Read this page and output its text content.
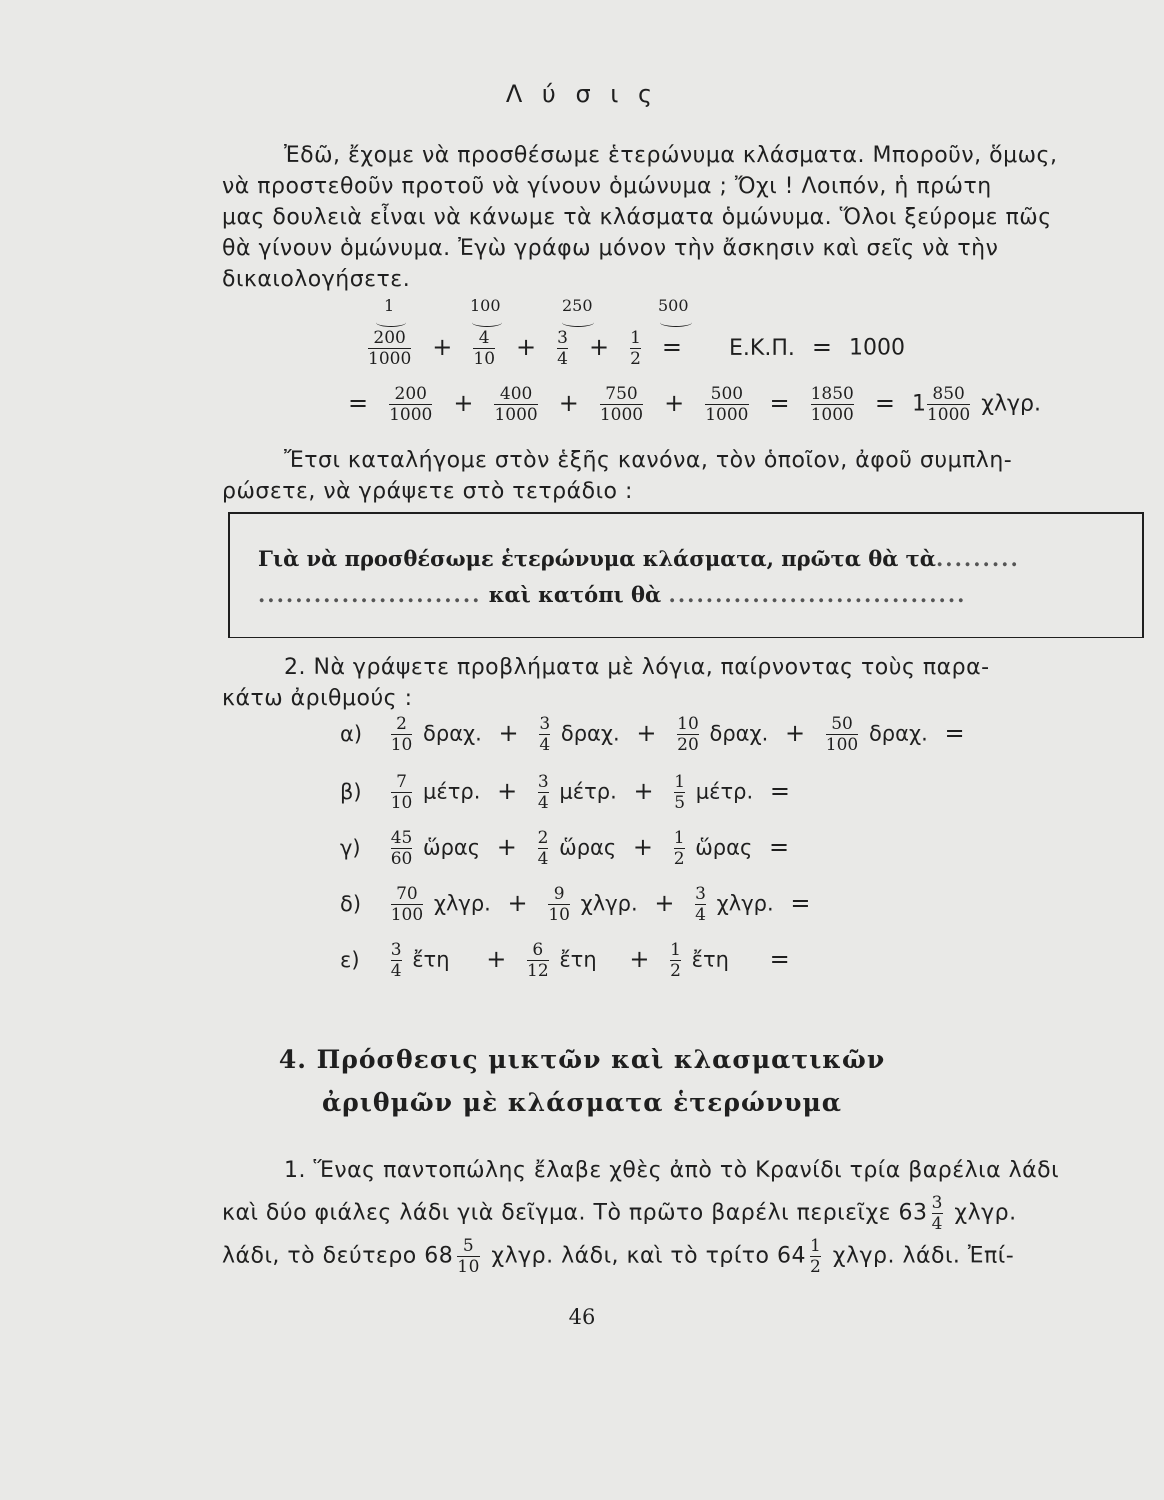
Λ ύ σ ι ς
Ἐδῶ, ἔχομε νὰ προσθέσωμε ἑτερώνυμα κλάσματα. Μποροῦν, ὅμως,
νὰ προστεθοῦν προτοῦ νὰ γίνουν ὁμώνυμα ; Ὄχι ! Λοιπόν, ἡ πρώτη
μας δουλειὰ εἶναι νὰ κάνωμε τὰ κλάσματα ὁμώνυμα. Ὅλοι ξεύρομε πῶς
θὰ γίνουν ὁμώνυμα. Ἐγὼ γράφω μόνον τὴν ἄσκησιν καὶ σεῖς νὰ τὴν
δικαιολογήσετε.
1	100	250	500
$\frac{200}{1000} + \frac{4}{10} + \frac{3}{4} + \frac{1}{2} = E.K.\Pi$. = 1000
= $\frac{200}{1000} + \frac{400}{1000} + \frac{750}{1000} + \frac{500}{1000} = \frac{1850}{1000} = 1 \frac{850}{1000} \chi\lambda\gamma\rho$.
Ἔτσι καταλήγομε στὸν ἑξῆς κανόνα, τὸν ὁποῖον, ἀφοῦ συμπλη-
ρώσετε, νὰ γράψετε στὸ τετράδιο :
Γιὰ νὰ προσθέσωμε ἑτερώνυμα κλάσματα, πρῶτα θὰ τὰ.........
........................ καὶ κατόπι θὰ ................................
2. Νὰ γράψετε προβλήματα μὲ λόγια, παίρνοντας τοὺς παρα-
κάτω ἀριθμούς :
$\alpha) \frac{2}{10} \delta\rho\alpha\chi$. + $\frac{3}{4} \delta\rho\alpha\chi$. + $\frac{10}{20} \delta\rho\alpha\chi$. + $\frac{50}{100} \delta\rho\alpha\chi$. =
$\beta) \frac{7}{10} \mu έ\tau\rho$. + $\frac{3}{4} \mu έ\tau\rho$. + $\frac{1}{5} \mu έ\tau\rho$. =
$\gamma) \frac{45}{60}$ ὥρας + $\frac{2}{4}$ ὥρας + $\frac{1}{2}$ ὥρας =
$\delta) \frac{70}{100} \chi\lambda\gamma\rho$. + $\frac{9}{10} \chi\lambda\gamma\rho$. + $\frac{3}{4} \chi\lambda\gamma\rho$. =
$\varepsilon) \frac{3}{4}$ ἔτη + $\frac{6}{12}$ ἔτη + $\frac{1}{2}$ ἔτη =
4. Πρόσθεσις μικτῶν καὶ κλασματικῶν
ἀριθμῶν μὲ κλάσματα ἑτερώνυμα
1. Ἕνας παντοπώλης ἔλαβε χθὲς ἀπὸ τὸ Κρανίδι τρία βαρέλια λάδι
καὶ δύο φιάλες λάδι γιὰ δεῖγμα. Τὸ πρῶτο βαρέλι περιεῖχε $63 \frac{3}{4} \chi\lambda\gamma\rho$.
λάδι, τὸ δεύτερο $68 \frac{5}{10} \chi\lambda\gamma\rho$. λάδι, καὶ τὸ τρίτο $64 \frac{1}{2} \chi\lambda\gamma\rho$. λάδι. Ἐπί-
46
